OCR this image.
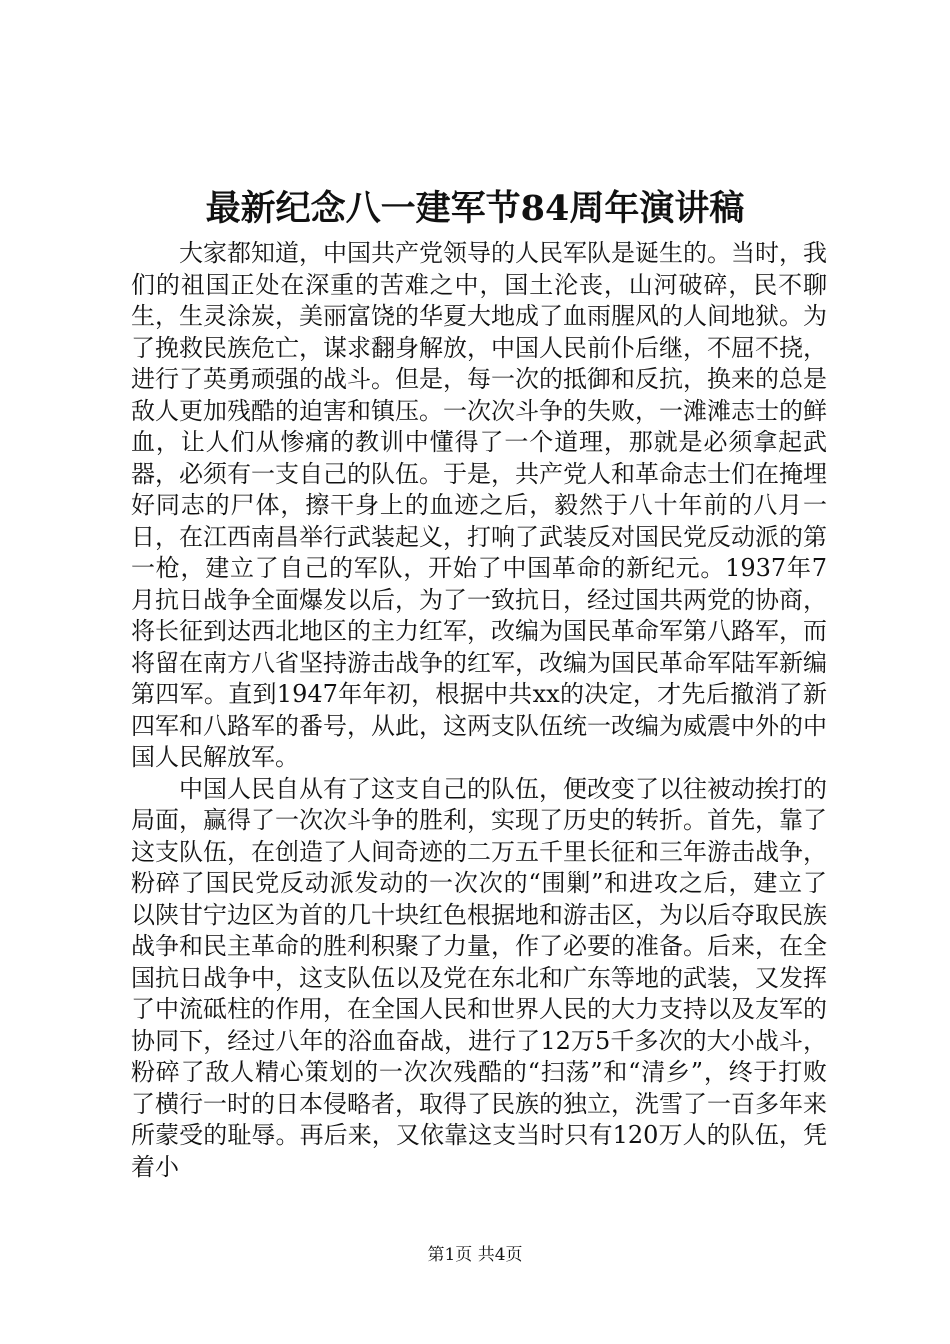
最新纪念八一建军节84周年演讲稿

大家都知道，中国共产党领导的人民军队是诞生的。当时，我们的祖国正处在深重的苦难之中，国土沦丧，山河破碎，民不聊生，生灵涂炭，美丽富饶的华夏大地成了血雨腥风的人间地狱。为了挽救民族危亡，谋求翻身解放，中国人民前仆后继，不屈不挠，进行了英勇顽强的战斗。但是，每一次的抵御和反抗，换来的总是敌人更加残酷的迫害和镇压。一次次斗争的失败，一滩滩志士的鲜血，让人们从惨痛的教训中懂得了一个道理，那就是必须拿起武器，必须有一支自己的队伍。于是，共产党人和革命志士们在掩埋好同志的尸体，擦干身上的血迹之后，毅然于八十年前的八月一日，在江西南昌举行武装起义，打响了武装反对国民党反动派的第一枪，建立了自己的军队，开始了中国革命的新纪元。1937年7月抗日战争全面爆发以后，为了一致抗日，经过国共两党的协商，将长征到达西北地区的主力红军，改编为国民革命军第八路军，而将留在南方八省坚持游击战争的红军，改编为国民革命军陆军新编第四军。直到1947年年初，根据中共xx的决定，才先后撤消了新四军和八路军的番号，从此，这两支队伍统一改编为威震中外的中国人民解放军。

中国人民自从有了这支自己的队伍，便改变了以往被动挨打的局面，赢得了一次次斗争的胜利，实现了历史的转折。首先，靠了这支队伍，在创造了人间奇迹的二万五千里长征和三年游击战争，粉碎了国民党反动派发动的一次次的“围剿”和进攻之后，建立了以陕甘宁边区为首的几十块红色根据地和游击区，为以后夺取民族战争和民主革命的胜利积聚了力量，作了必要的准备。后来，在全国抗日战争中，这支队伍以及党在东北和广东等地的武装，又发挥了中流砥柱的作用，在全国人民和世界人民的大力支持以及友军的协同下，经过八年的浴血奋战，进行了12万5千多次的大小战斗，粉碎了敌人精心策划的一次次残酷的“扫荡”和“清乡”，终于打败了横行一时的日本侵略者，取得了民族的独立，洗雪了一百多年来所蒙受的耻辱。再后来，又依靠这支当时只有120万人的队伍，凭着小

第1页 共4页
